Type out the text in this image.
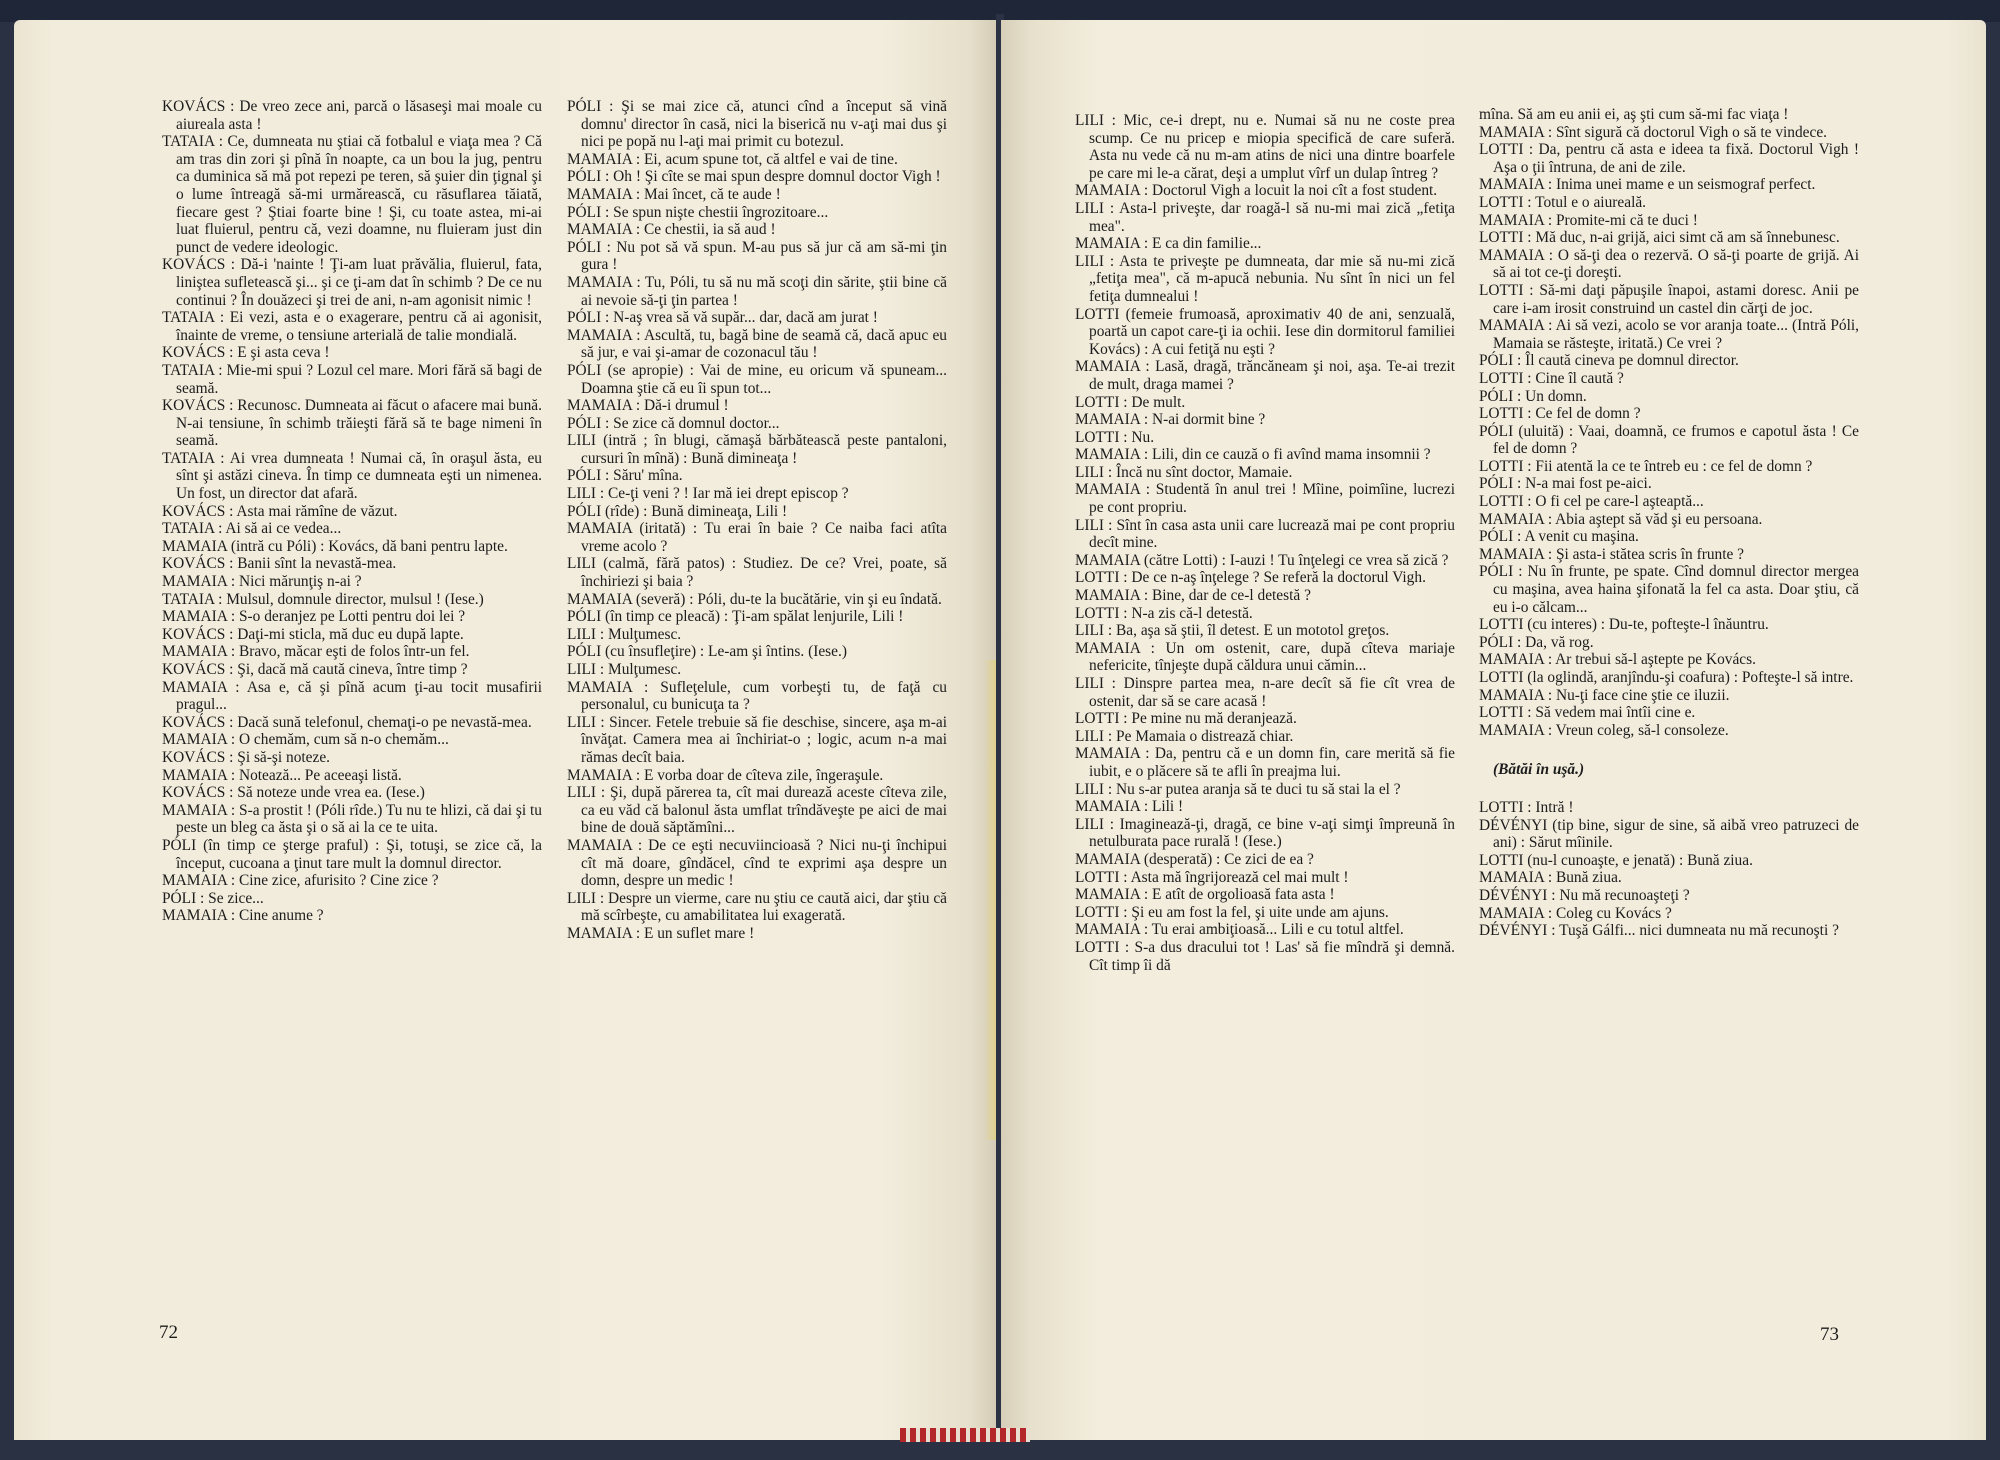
KOVÁCS : De vreo zece ani, parcă o lăsaseşi mai moale cu aiureala asta !

TATAIA : Ce, dumneata nu ştiai că fotbalul e viaţa mea ? Că am tras din zori şi pînă în noapte, ca un bou la jug, pentru ca duminica să mă pot repezi pe teren, să şuier din ţignal şi o lume întreagă să-mi urmărească, cu răsuflarea tăiată, fiecare gest ? Ştiai foarte bine ! Şi, cu toate astea, mi-ai luat fluierul, pentru că, vezi doamne, nu fluieram just din punct de vedere ideologic.

KOVÁCS : Dă-i 'nainte ! Ţi-am luat prăvălia, fluierul, fata, liniştea sufletească şi... şi ce ţi-am dat în schimb ? De ce nu continui ? În douăzeci şi trei de ani, n-am agonisit nimic !

TATAIA : Ei vezi, asta e o exagerare, pentru că ai agonisit, înainte de vreme, o tensiune arterială de talie mondială.

KOVÁCS : E şi asta ceva !

TATAIA : Mie-mi spui ? Lozul cel mare. Mori fără să bagi de seamă.

KOVÁCS : Recunosc. Dumneata ai făcut o afacere mai bună. N-ai tensiune, în schimb trăieşti fără să te bage nimeni în seamă.

TATAIA : Ai vrea dumneata ! Numai că, în oraşul ăsta, eu sînt şi astăzi cineva. În timp ce dumneata eşti un nimenea. Un fost, un director dat afară.

KOVÁCS : Asta mai rămîne de văzut.

TATAIA : Ai să ai ce vedea...

MAMAIA (intră cu Póli) : Kovács, dă bani pentru lapte.

KOVÁCS : Banii sînt la nevastă-mea.

MAMAIA : Nici mărunţiş n-ai ?

TATAIA : Mulsul, domnule director, mulsul ! (Iese.)

MAMAIA : S-o deranjez pe Lotti pentru doi lei ?

KOVÁCS : Daţi-mi sticla, mă duc eu după lapte.

MAMAIA : Bravo, măcar eşti de folos într-un fel.

KOVÁCS : Şi, dacă mă caută cineva, între timp ?

MAMAIA : Asa e, că şi pînă acum ţi-au tocit musafirii pragul...

KOVÁCS : Dacă sună telefonul, chemaţi-o pe nevastă-mea.

MAMAIA : O chemăm, cum să n-o chemăm...

KOVÁCS : Şi să-şi noteze.

MAMAIA : Notează... Pe aceeaşi listă.

KOVÁCS : Să noteze unde vrea ea. (Iese.)

MAMAIA : S-a prostit ! (Póli rîde.) Tu nu te hlizi, că dai şi tu peste un bleg ca ăsta şi o să ai la ce te uita.

PÓLI (în timp ce şterge praful) : Şi, totuşi, se zice că, la început, cucoana a ţinut tare mult la domnul director.

MAMAIA : Cine zice, afurisito ? Cine zice ?

PÓLI : Se zice...

MAMAIA : Cine anume ?

PÓLI : Şi se mai zice că, atunci cînd a început să vină domnu' director în casă, nici la biserică nu v-aţi mai dus şi nici pe popă nu l-aţi mai primit cu botezul.

MAMAIA : Ei, acum spune tot, că altfel e vai de tine.

PÓLI : Oh ! Şi cîte se mai spun despre domnul doctor Vigh !

MAMAIA : Mai încet, că te aude !

PÓLI : Se spun nişte chestii îngrozitoare...

MAMAIA : Ce chestii, ia să aud !

PÓLI : Nu pot să vă spun. M-au pus să jur că am să-mi ţin gura !

MAMAIA : Tu, Póli, tu să nu mă scoţi din sărite, ştii bine că ai nevoie să-ţi ţin partea !

PÓLI : N-aş vrea să vă supăr... dar, dacă am jurat !

MAMAIA : Ascultă, tu, bagă bine de seamă că, dacă apuc eu să jur, e vai şi-amar de cozonacul tău !

PÓLI (se apropie) : Vai de mine, eu oricum vă spuneam... Doamna ştie că eu îi spun tot...

MAMAIA : Dă-i drumul !

PÓLI : Se zice că domnul doctor...

LILI (intră ; în blugi, cămaşă bărbătească peste pantaloni, cursuri în mînă) : Bună dimineaţa !

PÓLI : Săru' mîna.

LILI : Ce-ţi veni ? ! Iar mă iei drept episcop ?

PÓLI (rîde) : Bună dimineaţa, Lili !

MAMAIA (iritată) : Tu erai în baie ? Ce naiba faci atîta vreme acolo ?

LILI (calmă, fără patos) : Studiez. De ce? Vrei, poate, să închiriezi şi baia ?

MAMAIA (severă) : Póli, du-te la bucătărie, vin şi eu îndată.

PÓLI (în timp ce pleacă) : Ţi-am spălat lenjurile, Lili !

LILI : Mulţumesc.

PÓLI (cu însufleţire) : Le-am şi întins. (Iese.)

LILI : Mulţumesc.

MAMAIA : Sufleţelule, cum vorbeşti tu, de faţă cu personalul, cu bunicuţa ta ?

LILI : Sincer. Fetele trebuie să fie deschise, sincere, aşa m-ai învăţat. Camera mea ai închiriat-o ; logic, acum n-a mai rămas decît baia.

MAMAIA : E vorba doar de cîteva zile, îngeraşule.

LILI : Şi, după părerea ta, cît mai durează aceste cîteva zile, ca eu văd că balonul ăsta umflat trîndăveşte pe aici de mai bine de două săptămîni...

MAMAIA : De ce eşti necuviincioasă ? Nici nu-ţi închipui cît mă doare, gîndăcel, cînd te exprimi aşa despre un domn, despre un medic !

LILI : Despre un vierme, care nu ştiu ce caută aici, dar ştiu că mă scîrbeşte, cu amabilitatea lui exagerată.

MAMAIA : E un suflet mare !

72

LILI : Mic, ce-i drept, nu e. Numai să nu ne coste prea scump. Ce nu pricep e miopia specifică de care suferă. Asta nu vede că nu m-am atins de nici una dintre boarfele pe care mi le-a cărat, deşi a umplut vîrf un dulap întreg ?

MAMAIA : Doctorul Vigh a locuit la noi cît a fost student.

LILI : Asta-l priveşte, dar roagă-l să nu-mi mai zică „fetiţa mea".

MAMAIA : E ca din familie...

LILI : Asta te priveşte pe dumneata, dar mie să nu-mi zică „fetiţa mea", că m-apucă nebunia. Nu sînt în nici un fel fetiţa dumnealui !

LOTTI (femeie frumoasă, aproximativ 40 de ani, senzuală, poartă un capot care-ţi ia ochii. Iese din dormitorul familiei Kovács) : A cui fetiţă nu eşti ?

MAMAIA : Lasă, dragă, trăncăneam şi noi, aşa. Te-ai trezit de mult, draga mamei ?

LOTTI : De mult.

MAMAIA : N-ai dormit bine ?

LOTTI : Nu.

MAMAIA : Lili, din ce cauză o fi avînd mama insomnii ?

LILI : Încă nu sînt doctor, Mamaie.

MAMAIA : Studentă în anul trei ! Mîine, poimîine, lucrezi pe cont propriu.

LILI : Sînt în casa asta unii care lucrează mai pe cont propriu decît mine.

MAMAIA (către Lotti) : I-auzi ! Tu înţelegi ce vrea să zică ?

LOTTI : De ce n-aş înţelege ? Se referă la doctorul Vigh.

MAMAIA : Bine, dar de ce-l detestă ?

LOTTI : N-a zis că-l detestă.

LILI : Ba, aşa să ştii, îl detest. E un mototol greţos.

MAMAIA : Un om ostenit, care, după cîteva mariaje nefericite, tînjeşte după căldura unui cămin...

LILI : Dinspre partea mea, n-are decît să fie cît vrea de ostenit, dar să se care acasă !

LOTTI : Pe mine nu mă deranjează.

LILI : Pe Mamaia o distrează chiar.

MAMAIA : Da, pentru că e un domn fin, care merită să fie iubit, e o plăcere să te afli în preajma lui.

LILI : Nu s-ar putea aranja să te duci tu să stai la el ?

MAMAIA : Lili !

LILI : Imaginează-ţi, dragă, ce bine v-aţi simţi împreună în netulburata pace rurală ! (Iese.)

MAMAIA (desperată) : Ce zici de ea ?

LOTTI : Asta mă îngrijorează cel mai mult !

MAMAIA : E atît de orgolioasă fata asta !

LOTTI : Şi eu am fost la fel, şi uite unde am ajuns.

MAMAIA : Tu erai ambiţioasă... Lili e cu totul altfel.

LOTTI : S-a dus dracului tot ! Las' să fie mîndră şi demnă. Cît timp îi dă

mîna. Să am eu anii ei, aş şti cum să-mi fac viaţa !

MAMAIA : Sînt sigură că doctorul Vigh o să te vindece.

LOTTI : Da, pentru că asta e ideea ta fixă. Doctorul Vigh ! Aşa o ţii întruna, de ani de zile.

MAMAIA : Inima unei mame e un seismograf perfect.

LOTTI : Totul e o aiureală.

MAMAIA : Promite-mi că te duci !

LOTTI : Mă duc, n-ai grijă, aici simt că am să înnebunesc.

MAMAIA : O să-ţi dea o rezervă. O să-ţi poarte de grijă. Ai să ai tot ce-ţi doreşti.

LOTTI : Să-mi daţi păpuşile înapoi, astami doresc. Anii pe care i-am irosit construind un castel din cărţi de joc.

MAMAIA : Ai să vezi, acolo se vor aranja toate... (Intră Póli, Mamaia se răsteşte, iritată.) Ce vrei ?

PÓLI : Îl caută cineva pe domnul director.

LOTTI : Cine îl caută ?

PÓLI : Un domn.

LOTTI : Ce fel de domn ?

PÓLI (uluită) : Vaai, doamnă, ce frumos e capotul ăsta ! Ce fel de domn ?

LOTTI : Fii atentă la ce te întreb eu : ce fel de domn ?

PÓLI : N-a mai fost pe-aici.

LOTTI : O fi cel pe care-l aşteaptă...

MAMAIA : Abia aştept să văd şi eu persoana.

PÓLI : A venit cu maşina.

MAMAIA : Şi asta-i stătea scris în frunte ?

PÓLI : Nu în frunte, pe spate. Cînd domnul director mergea cu maşina, avea haina şifonată la fel ca asta. Doar ştiu, că eu i-o călcam...

LOTTI (cu interes) : Du-te, pofteşte-l înăuntru.

PÓLI : Da, vă rog.

MAMAIA : Ar trebui să-l aştepte pe Kovács.

LOTTI (la oglindă, aranjîndu-şi coafura) : Pofteşte-l să intre.

MAMAIA : Nu-ţi face cine ştie ce iluzii.

LOTTI : Să vedem mai întîi cine e.

MAMAIA : Vreun coleg, să-l consoleze.

(Bătăi în uşă.)

LOTTI : Intră !

DÉVÉNYI (tip bine, sigur de sine, să aibă vreo patruzeci de ani) : Sărut mîinile.

LOTTI (nu-l cunoaşte, e jenată) : Bună ziua.

MAMAIA : Bună ziua.

DÉVÉNYI : Nu mă recunoaşteţi ?

MAMAIA : Coleg cu Kovács ?

DÉVÉNYI : Tuşă Gálfi... nici dumneata nu mă recunoşti ?

73
